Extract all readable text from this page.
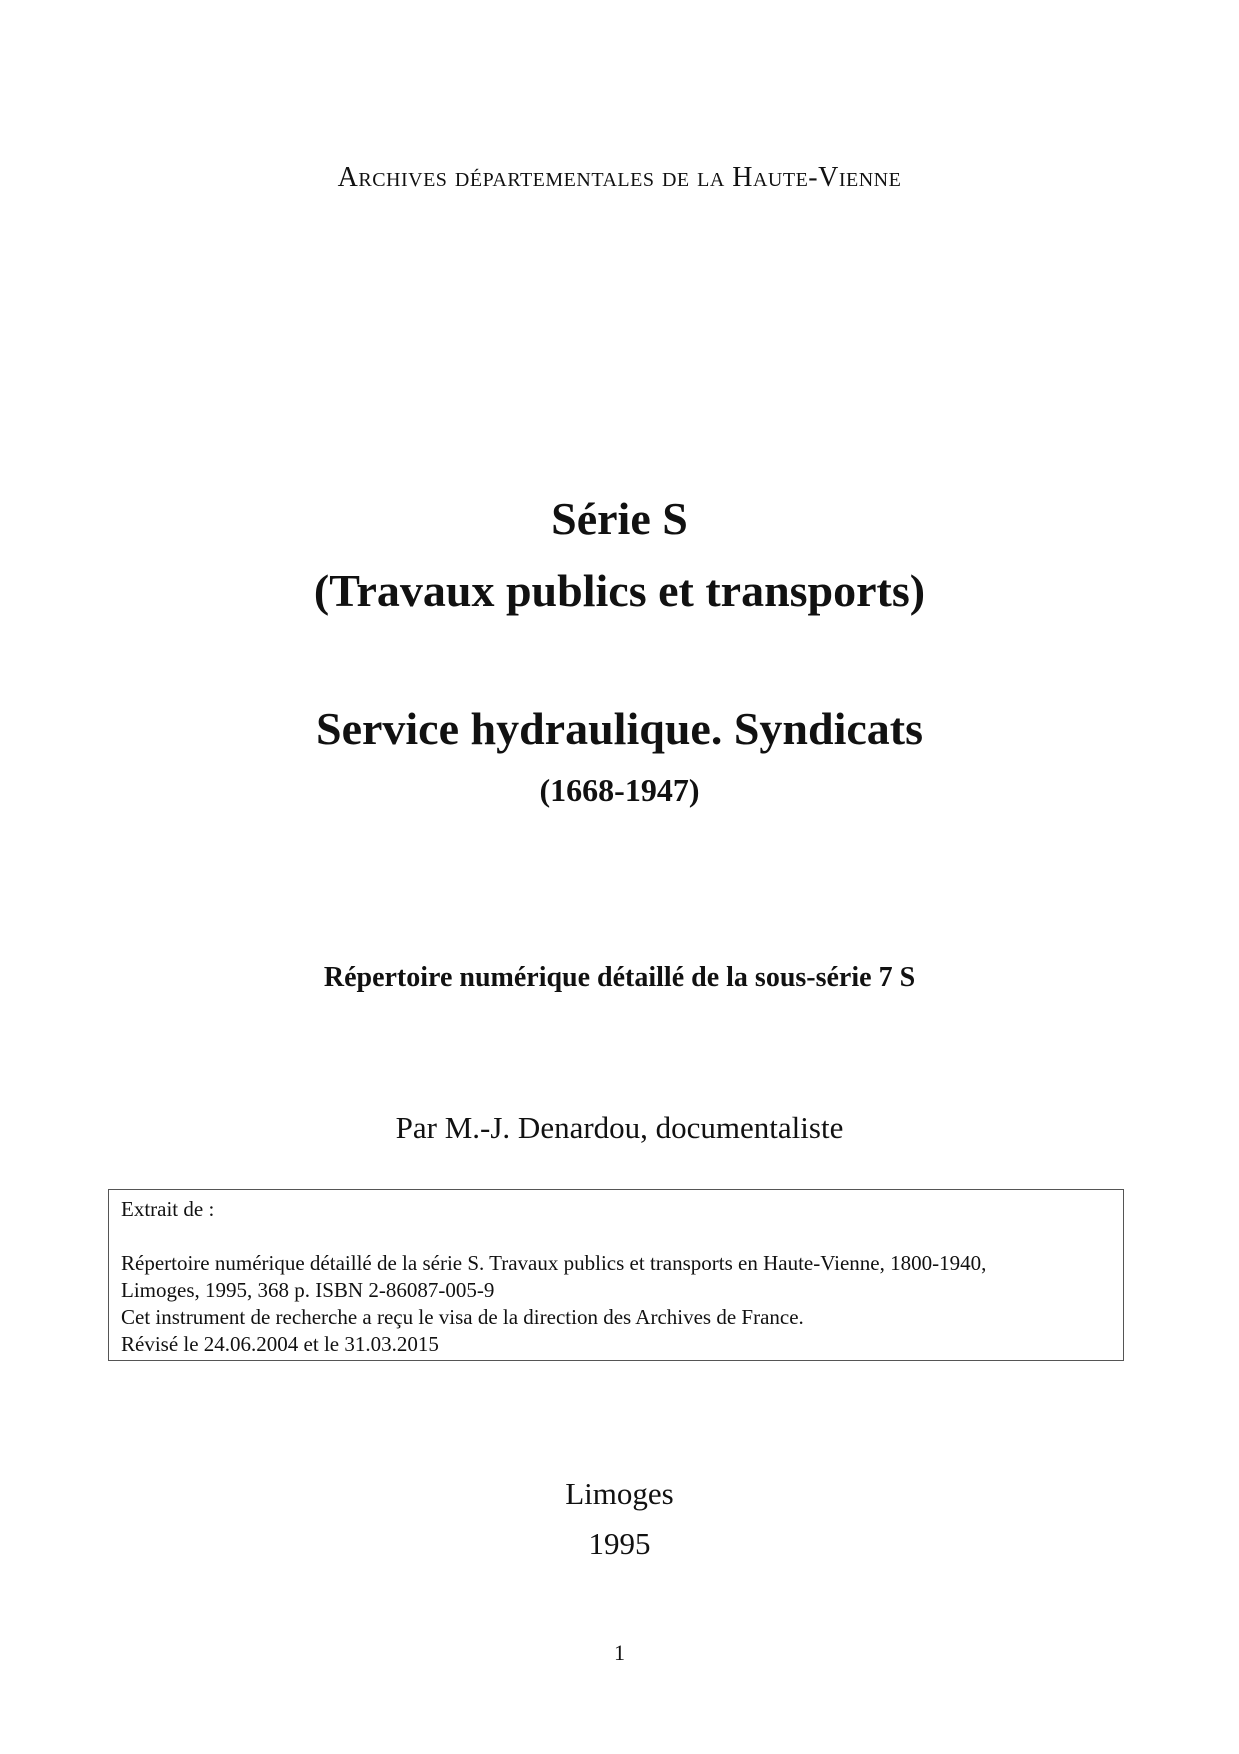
Archives départementales de la Haute-Vienne
Série S
(Travaux publics et transports)
Service hydraulique. Syndicats
(1668-1947)
Répertoire numérique détaillé de la sous-série 7 S
Par M.-J. Denardou, documentaliste
Extrait de :
Répertoire numérique détaillé de la série S. Travaux publics et transports en Haute-Vienne, 1800-1940,
Limoges, 1995, 368 p. ISBN 2-86087-005-9
Cet instrument de recherche a reçu le visa de la direction des Archives de France.
Révisé le 24.06.2004 et le 31.03.2015
Limoges
1995
1
